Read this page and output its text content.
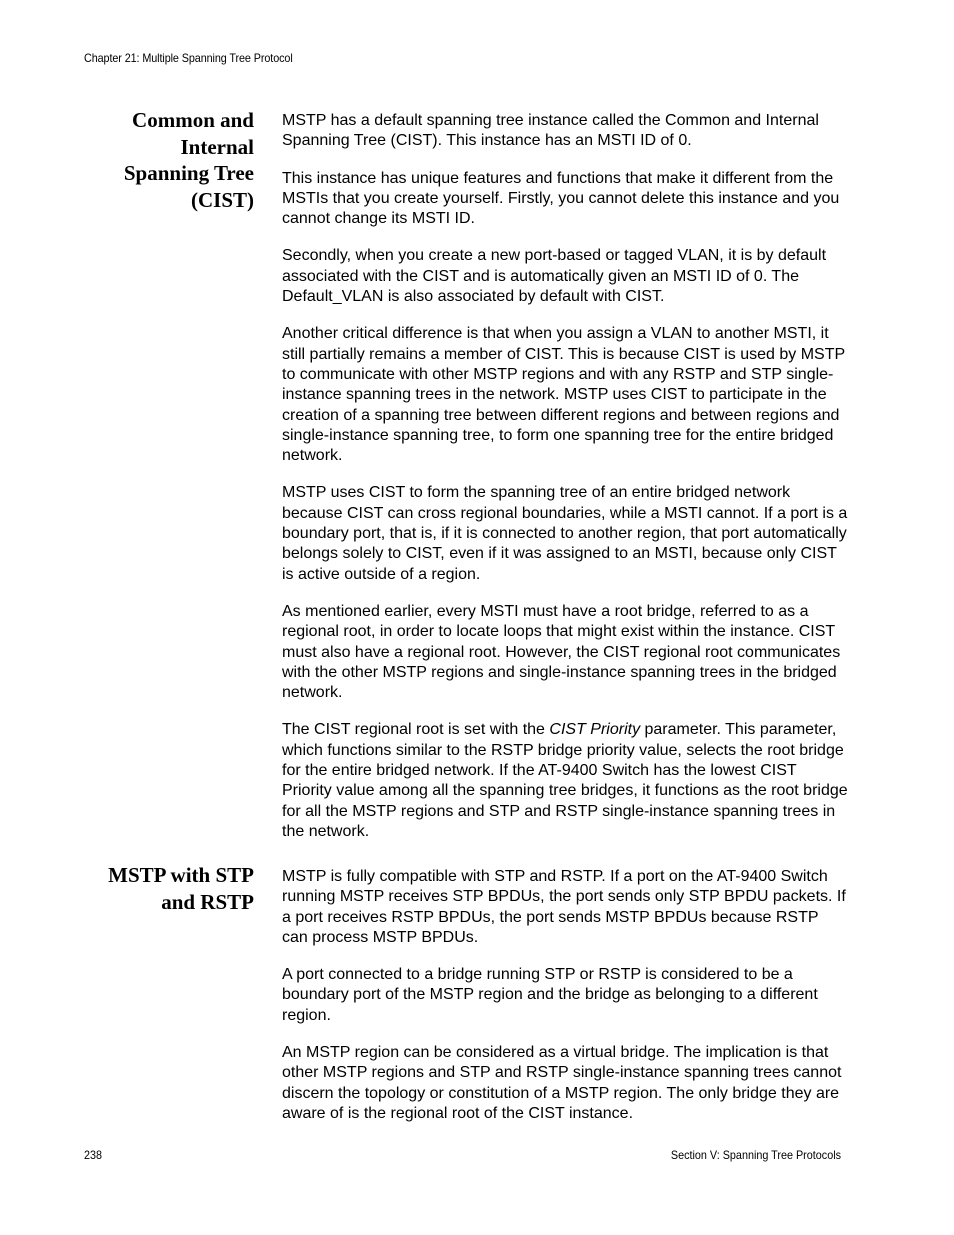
Chapter 21: Multiple Spanning Tree Protocol
Common and
Internal
Spanning Tree
(CIST)

MSTP has a default spanning tree instance called the Common and Internal Spanning Tree (CIST). This instance has an MSTI ID of 0.

This instance has unique features and functions that make it different from the MSTIs that you create yourself. Firstly, you cannot delete this instance and you cannot change its MSTI ID.

Secondly, when you create a new port-based or tagged VLAN, it is by default associated with the CIST and is automatically given an MSTI ID of 0. The Default_VLAN is also associated by default with CIST.

Another critical difference is that when you assign a VLAN to another MSTI, it still partially remains a member of CIST. This is because CIST is used by MSTP to communicate with other MSTP regions and with any RSTP and STP single-instance spanning trees in the network. MSTP uses CIST to participate in the creation of a spanning tree between different regions and between regions and single-instance spanning tree, to form one spanning tree for the entire bridged network.

MSTP uses CIST to form the spanning tree of an entire bridged network because CIST can cross regional boundaries, while a MSTI cannot. If a port is a boundary port, that is, if it is connected to another region, that port automatically belongs solely to CIST, even if it was assigned to an MSTI, because only CIST is active outside of a region.

As mentioned earlier, every MSTI must have a root bridge, referred to as a regional root, in order to locate loops that might exist within the instance. CIST must also have a regional root. However, the CIST regional root communicates with the other MSTP regions and single-instance spanning trees in the bridged network.

The CIST regional root is set with the CIST Priority parameter. This parameter, which functions similar to the RSTP bridge priority value, selects the root bridge for the entire bridged network. If the AT-9400 Switch has the lowest CIST Priority value among all the spanning tree bridges, it functions as the root bridge for all the MSTP regions and STP and RSTP single-instance spanning trees in the network.

MSTP with STP
and RSTP

MSTP is fully compatible with STP and RSTP. If a port on the AT-9400 Switch running MSTP receives STP BPDUs, the port sends only STP BPDU packets. If a port receives RSTP BPDUs, the port sends MSTP BPDUs because RSTP can process MSTP BPDUs.

A port connected to a bridge running STP or RSTP is considered to be a boundary port of the MSTP region and the bridge as belonging to a different region.

An MSTP region can be considered as a virtual bridge. The implication is that other MSTP regions and STP and RSTP single-instance spanning trees cannot discern the topology or constitution of a MSTP region. The only bridge they are aware of is the regional root of the CIST instance.

238	Section V: Spanning Tree Protocols
